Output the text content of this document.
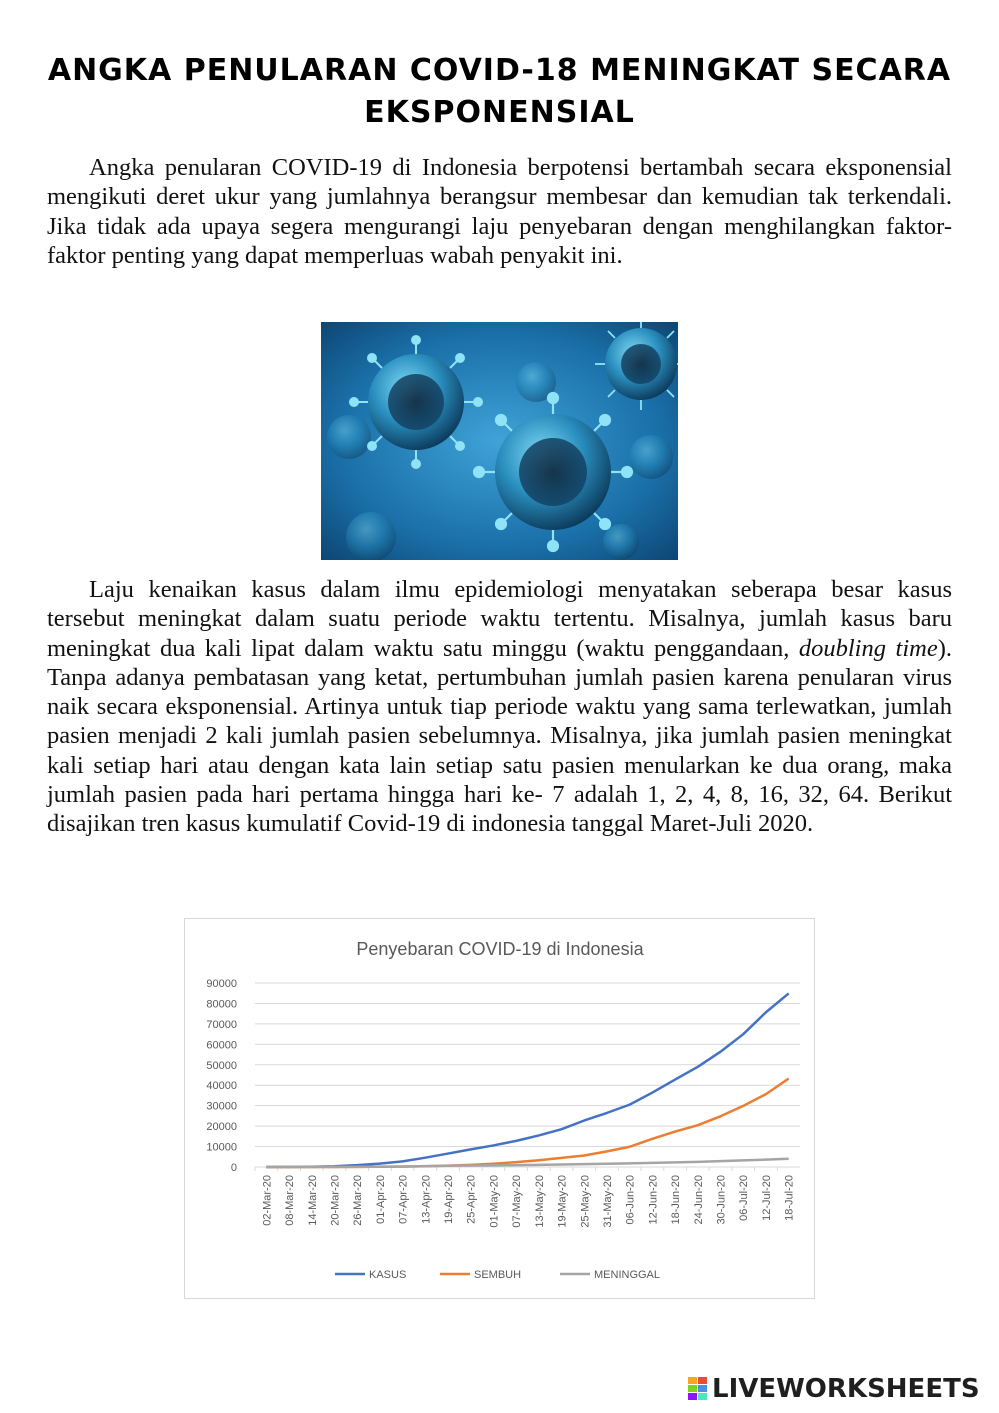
ANGKA PENULARAN COVID-18 MENINGKAT SECARA EKSPONENSIAL

Angka penularan COVID-19 di Indonesia berpotensi bertambah secara eksponensial mengikuti deret ukur yang jumlahnya berangsur membesar dan kemudian tak terkendali. Jika tidak ada upaya segera mengurangi laju penyebaran dengan menghilangkan faktor-faktor penting yang dapat memperluas wabah penyakit ini.

Laju kenaikan kasus dalam ilmu epidemiologi menyatakan seberapa besar kasus tersebut meningkat dalam suatu periode waktu tertentu. Misalnya, jumlah kasus baru meningkat dua kali lipat dalam waktu satu minggu (waktu penggandaan, doubling time). Tanpa adanya pembatasan yang ketat, pertumbuhan jumlah pasien karena penularan virus naik secara eksponensial. Artinya untuk tiap periode waktu yang sama terlewatkan, jumlah pasien menjadi 2 kali jumlah pasien sebelumnya. Misalnya, jika jumlah pasien meningkat kali setiap hari atau dengan kata lain setiap satu pasien menularkan ke dua orang, maka jumlah pasien pada hari pertama hingga hari ke- 7 adalah 1, 2, 4, 8, 16, 32, 64. Berikut disajikan tren kasus kumulatif Covid-19 di indonesia tanggal Maret-Juli 2020.

Penyebaran COVID-19 di Indonesia
0
10000
20000
30000
40000
50000
60000
70000
80000
90000
02-Mar-20 08-Mar-20 14-Mar-20 20-Mar-20 26-Mar-20 01-Apr-20 07-Apr-20 13-Apr-20 19-Apr-20 25-Apr-20 01-May-20 07-May-20 13-May-20 19-May-20 25-May-20 31-May-20 06-Jun-20 12-Jun-20 18-Jun-20 24-Jun-20 30-Jun-20 06-Jul-20 12-Jul-20 18-Jul-20
KASUS	SEMBUH	MENINGGAL
LIVEWORKSHEETS
